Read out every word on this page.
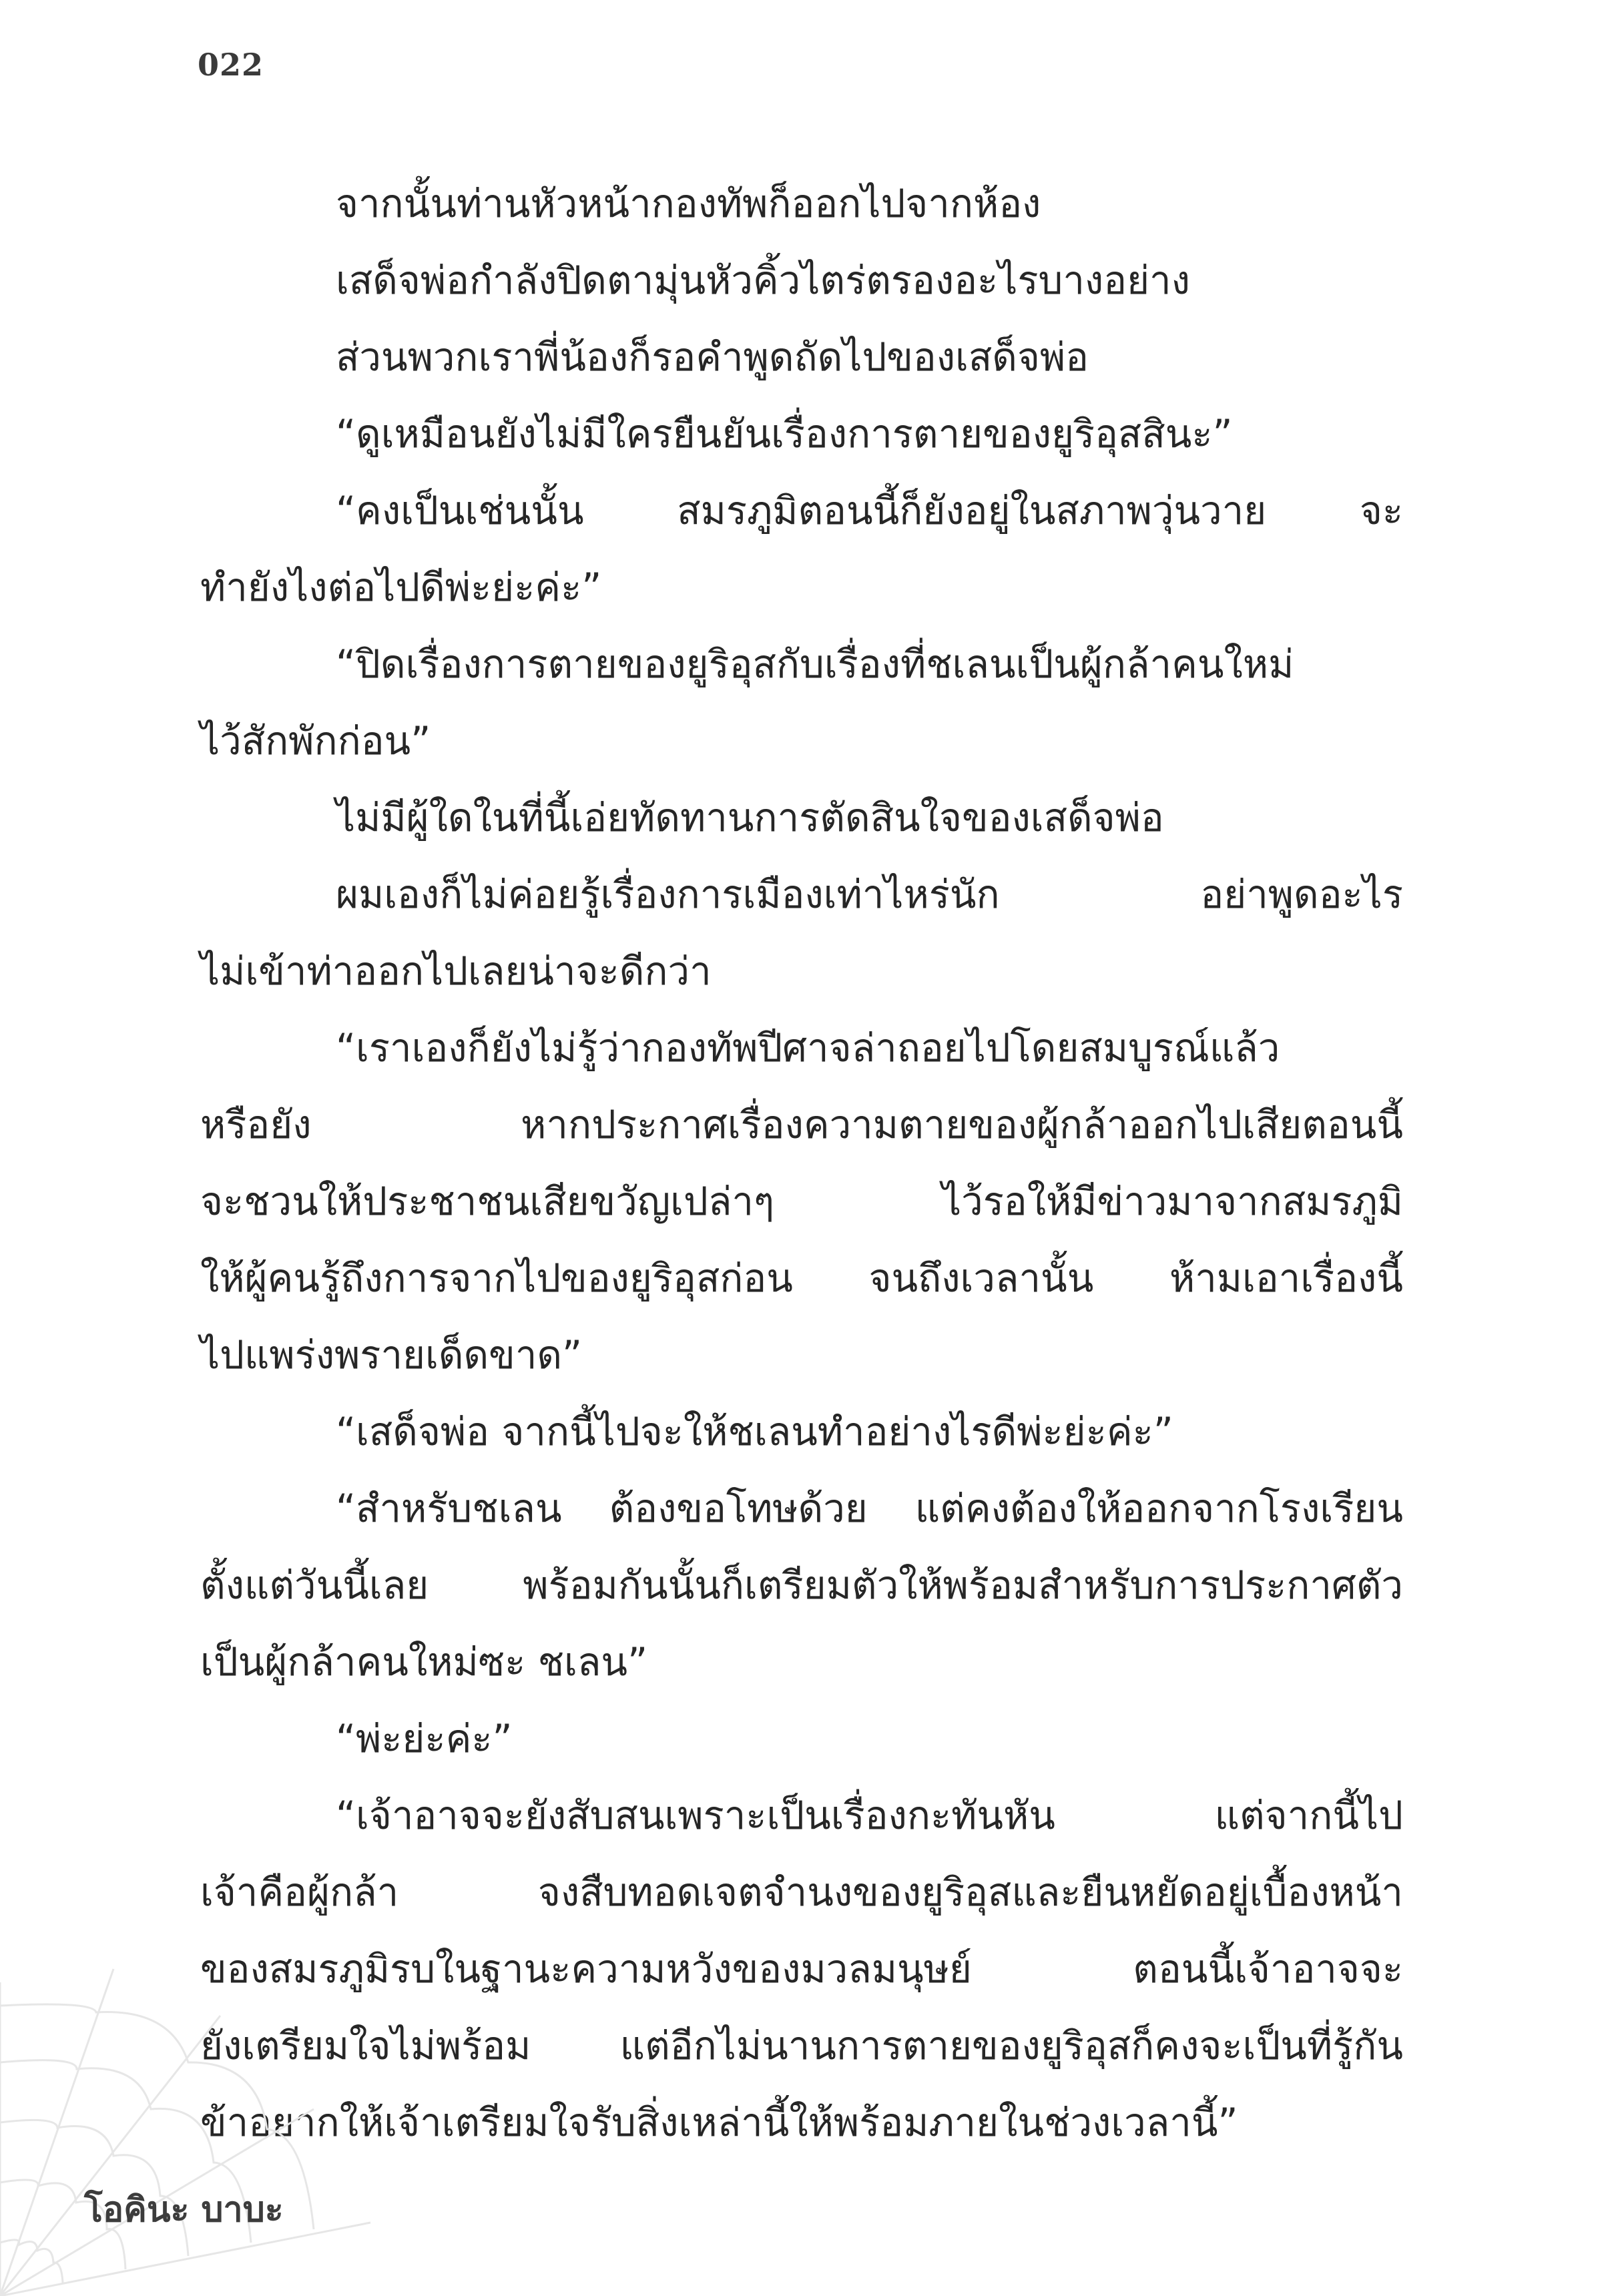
022
จากนั้นท่านหัวหน้ากองทัพก็ออกไปจากห้อง
เสด็จพ่อกำลังปิดตามุ่นหัวคิ้วไตร่ตรองอะไรบางอย่าง
ส่วนพวกเราพี่น้องก็รอคำพูดถัดไปของเสด็จพ่อ
“ดูเหมือนยังไม่มีใครยืนยันเรื่องการตายของยูริอุสสินะ”
“คงเป็นเช่นนั้น สมรภูมิตอนนี้ก็ยังอยู่ในสภาพวุ่นวาย จะ
ทำยังไงต่อไปดีพ่ะย่ะค่ะ”
“ปิดเรื่องการตายของยูริอุสกับเรื่องที่ชเลนเป็นผู้กล้าคนใหม่
ไว้สักพักก่อน”
ไม่มีผู้ใดในที่นี้เอ่ยทัดทานการตัดสินใจของเสด็จพ่อ
ผมเองก็ไม่ค่อยรู้เรื่องการเมืองเท่าไหร่นัก อย่าพูดอะไร
ไม่เข้าท่าออกไปเลยน่าจะดีกว่า
“เราเองก็ยังไม่รู้ว่ากองทัพปีศาจล่าถอยไปโดยสมบูรณ์แล้ว
หรือยัง หากประกาศเรื่องความตายของผู้กล้าออกไปเสียตอนนี้
จะชวนให้ประชาชนเสียขวัญเปล่าๆ ไว้รอให้มีข่าวมาจากสมรภูมิ
ให้ผู้คนรู้ถึงการจากไปของยูริอุสก่อน จนถึงเวลานั้น ห้ามเอาเรื่องนี้
ไปแพร่งพรายเด็ดขาด”
“เสด็จพ่อ จากนี้ไปจะให้ชเลนทำอย่างไรดีพ่ะย่ะค่ะ”
“สำหรับชเลน ต้องขอโทษด้วย แต่คงต้องให้ออกจากโรงเรียน
ตั้งแต่วันนี้เลย พร้อมกันนั้นก็เตรียมตัวให้พร้อมสำหรับการประกาศตัว
เป็นผู้กล้าคนใหม่ซะ ชเลน”
“พ่ะย่ะค่ะ”
“เจ้าอาจจะยังสับสนเพราะเป็นเรื่องกะทันหัน แต่จากนี้ไป
เจ้าคือผู้กล้า จงสืบทอดเจตจำนงของยูริอุสและยืนหยัดอยู่เบื้องหน้า
ของสมรภูมิรบในฐานะความหวังของมวลมนุษย์ ตอนนี้เจ้าอาจจะ
ยังเตรียมใจไม่พร้อม แต่อีกไม่นานการตายของยูริอุสก็คงจะเป็นที่รู้กัน
ข้าอยากให้เจ้าเตรียมใจรับสิ่งเหล่านี้ให้พร้อมภายในช่วงเวลานี้”
โอคินะ บาบะ
